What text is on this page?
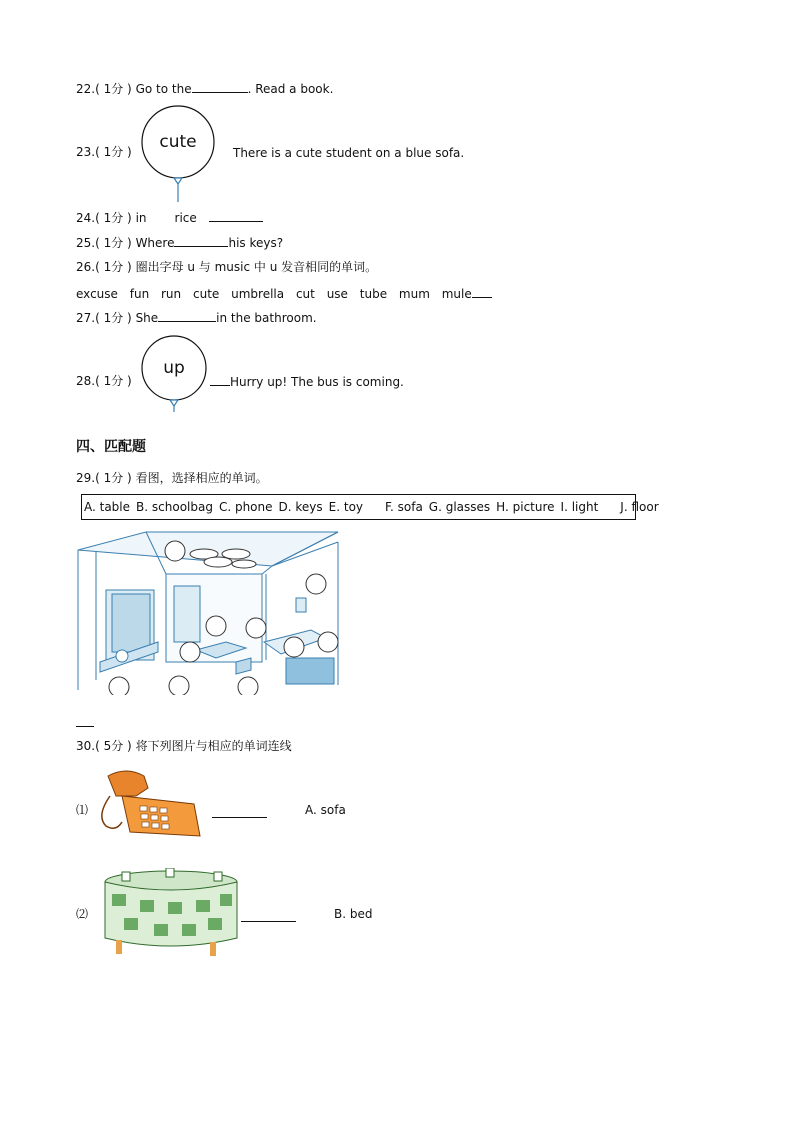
22.( 1分 ) Go to the	. Read a book.
23.( 1分 )	cute
There is a cute student on a blue sofa.
24.( 1分 ) in rice
25.( 1分 ) Where	his keys?
26.( 1分 ) 圈出字母 u 与 music 中 u 发音相同的单词。
excuse fun run cute umbrella cut use tube mum mule
27.( 1分 ) She	in the bathroom.
28.( 1分 )
up
Hurry up! The bus is coming.
四、匹配题
29.( 1分 ) 看图，选择相应的单词。
A. table B. schoolbag C. phone D. keys E. toy F. sofa G. glasses H. picture I. light J. floor
30.( 5分 ) 将下列图片与相应的单词连线
⑴	A. sofa
⑵	B. bed
